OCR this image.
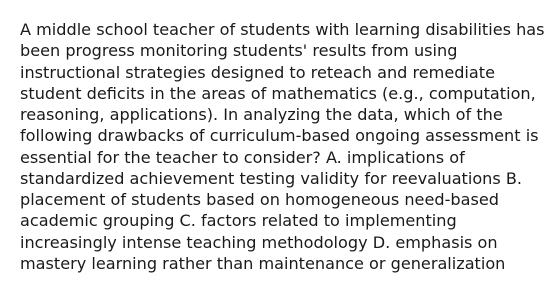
A middle school teacher of students with learning disabilities has
been progress monitoring students' results from using
instructional strategies designed to reteach and remediate
student deficits in the areas of mathematics (e.g., computation,
reasoning, applications). In analyzing the data, which of the
following drawbacks of curriculum-based ongoing assessment is
essential for the teacher to consider? A. implications of
standardized achievement testing validity for reevaluations B.
placement of students based on homogeneous need-based
academic grouping C. factors related to implementing
increasingly intense teaching methodology D. emphasis on
mastery learning rather than maintenance or generalization
